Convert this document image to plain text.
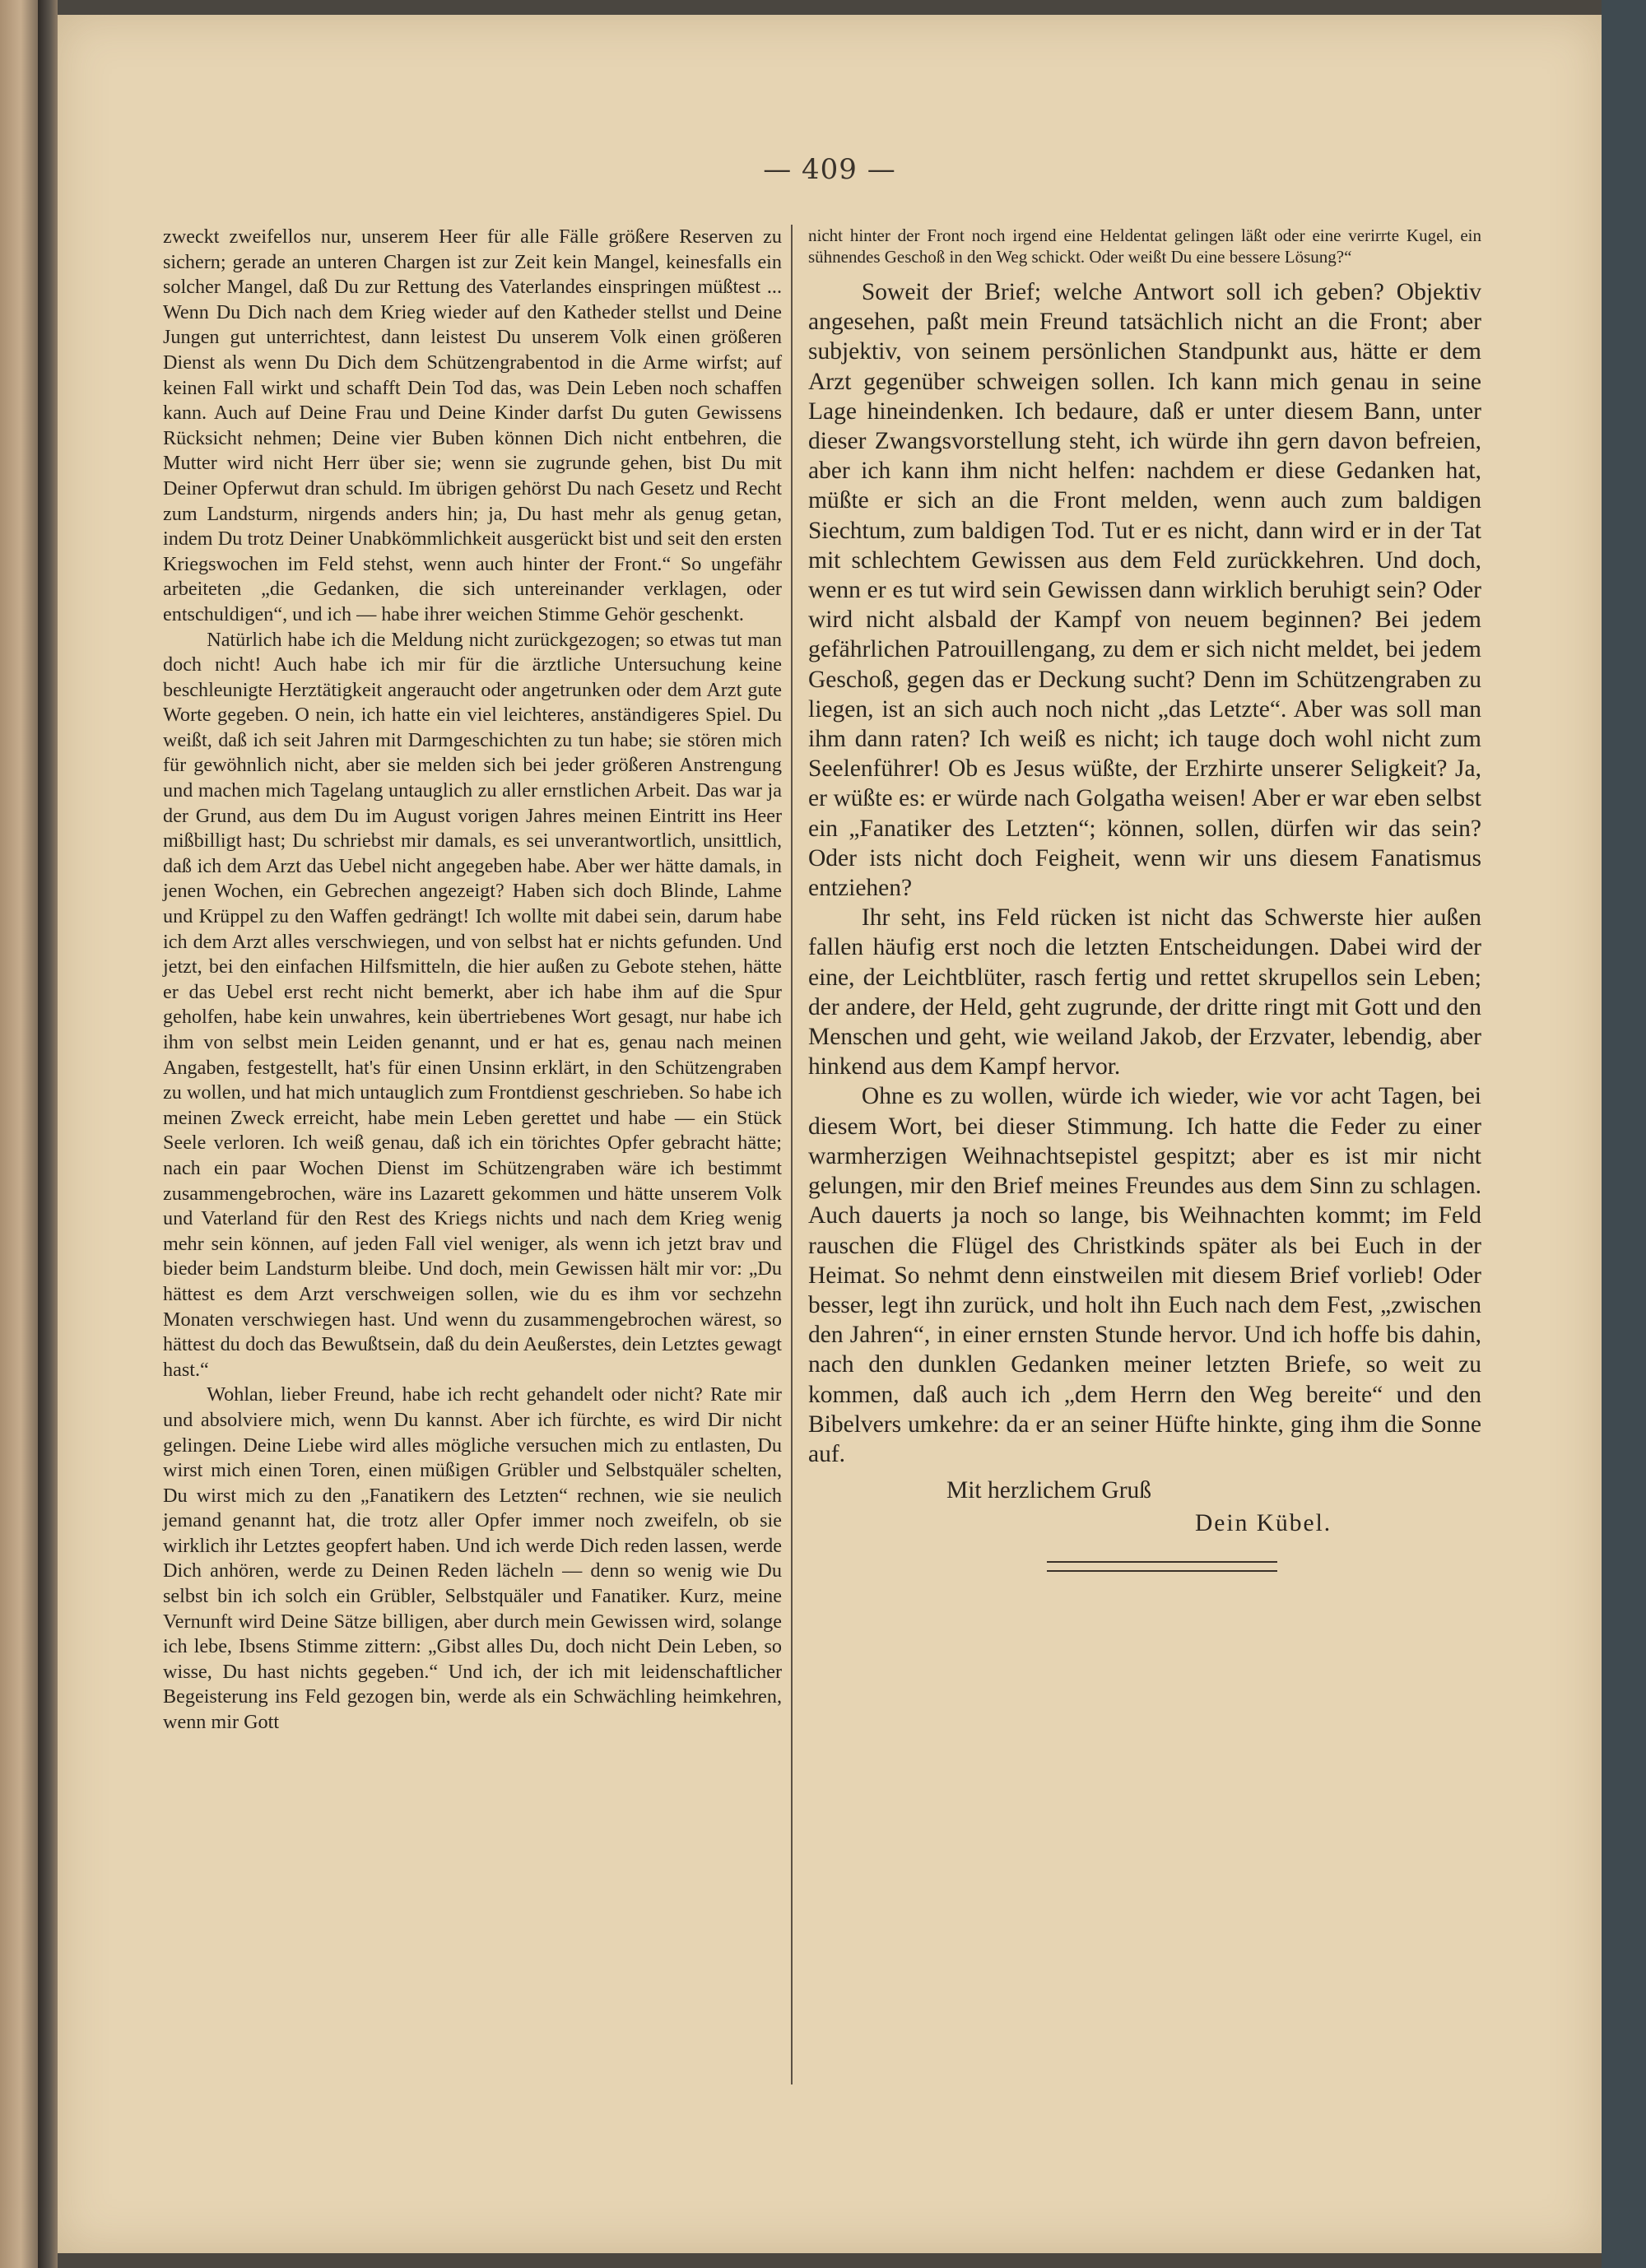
— 409 —

zweckt zweifellos nur, unserem Heer für alle Fälle größere Reserven zu sichern; gerade an unteren Chargen ist zur Zeit kein Mangel, keinesfalls ein solcher Mangel, daß Du zur Rettung des Vaterlandes einspringen müßtest ... Wenn Du Dich nach dem Krieg wieder auf den Katheder stellst und Deine Jungen gut unterrichtest, dann leistest Du unserem Volk einen größeren Dienst als wenn Du Dich dem Schützengrabentod in die Arme wirfst; auf keinen Fall wirkt und schafft Dein Tod das, was Dein Leben noch schaffen kann. Auch auf Deine Frau und Deine Kinder darfst Du guten Gewissens Rücksicht nehmen; Deine vier Buben können Dich nicht entbehren, die Mutter wird nicht Herr über sie; wenn sie zugrunde gehen, bist Du mit Deiner Opferwut dran schuld. Im übrigen gehörst Du nach Gesetz und Recht zum Landsturm, nirgends anders hin; ja, Du hast mehr als genug getan, indem Du trotz Deiner Unabkömmlichkeit ausgerückt bist und seit den ersten Kriegswochen im Feld stehst, wenn auch hinter der Front.“ So ungefähr arbeiteten „die Gedanken, die sich untereinander verklagen, oder entschuldigen“, und ich — habe ihrer weichen Stimme Gehör geschenkt.

Natürlich habe ich die Meldung nicht zurückgezogen; so etwas tut man doch nicht! Auch habe ich mir für die ärztliche Untersuchung keine beschleunigte Herztätigkeit angeraucht oder angetrunken oder dem Arzt gute Worte gegeben. O nein, ich hatte ein viel leichteres, anständigeres Spiel. Du weißt, daß ich seit Jahren mit Darmgeschichten zu tun habe; sie stören mich für gewöhnlich nicht, aber sie melden sich bei jeder größeren Anstrengung und machen mich Tagelang untauglich zu aller ernstlichen Arbeit. Das war ja der Grund, aus dem Du im August vorigen Jahres meinen Eintritt ins Heer mißbilligt hast; Du schriebst mir damals, es sei unverantwortlich, unsittlich, daß ich dem Arzt das Uebel nicht angegeben habe. Aber wer hätte damals, in jenen Wochen, ein Gebrechen angezeigt? Haben sich doch Blinde, Lahme und Krüppel zu den Waffen gedrängt! Ich wollte mit dabei sein, darum habe ich dem Arzt alles verschwiegen, und von selbst hat er nichts gefunden. Und jetzt, bei den einfachen Hilfsmitteln, die hier außen zu Gebote stehen, hätte er das Uebel erst recht nicht bemerkt, aber ich habe ihm auf die Spur geholfen, habe kein unwahres, kein übertriebenes Wort gesagt, nur habe ich ihm von selbst mein Leiden genannt, und er hat es, genau nach meinen Angaben, festgestellt, hat's für einen Unsinn erklärt, in den Schützengraben zu wollen, und hat mich untauglich zum Frontdienst geschrieben. So habe ich meinen Zweck erreicht, habe mein Leben gerettet und habe — ein Stück Seele verloren. Ich weiß genau, daß ich ein törichtes Opfer gebracht hätte; nach ein paar Wochen Dienst im Schützengraben wäre ich bestimmt zusammengebrochen, wäre ins Lazarett gekommen und hätte unserem Volk und Vaterland für den Rest des Kriegs nichts und nach dem Krieg wenig mehr sein können, auf jeden Fall viel weniger, als wenn ich jetzt brav und bieder beim Landsturm bleibe. Und doch, mein Gewissen hält mir vor: „Du hättest es dem Arzt verschweigen sollen, wie du es ihm vor sechzehn Monaten verschwiegen hast. Und wenn du zusammengebrochen wärest, so hättest du doch das Bewußtsein, daß du dein Aeußerstes, dein Letztes gewagt hast.“

Wohlan, lieber Freund, habe ich recht gehandelt oder nicht? Rate mir und absolviere mich, wenn Du kannst. Aber ich fürchte, es wird Dir nicht gelingen. Deine Liebe wird alles mögliche versuchen mich zu entlasten, Du wirst mich einen Toren, einen müßigen Grübler und Selbstquäler schelten, Du wirst mich zu den „Fanatikern des Letzten“ rechnen, wie sie neulich jemand genannt hat, die trotz aller Opfer immer noch zweifeln, ob sie wirklich ihr Letztes geopfert haben. Und ich werde Dich reden lassen, werde Dich anhören, werde zu Deinen Reden lächeln — denn so wenig wie Du selbst bin ich solch ein Grübler, Selbstquäler und Fanatiker. Kurz, meine Vernunft wird Deine Sätze billigen, aber durch mein Gewissen wird, solange ich lebe, Ibsens Stimme zittern: „Gibst alles Du, doch nicht Dein Leben, so wisse, Du hast nichts gegeben.“ Und ich, der ich mit leidenschaftlicher Begeisterung ins Feld gezogen bin, werde als ein Schwächling heimkehren, wenn mir Gott

nicht hinter der Front noch irgend eine Heldentat gelingen läßt oder eine verirrte Kugel, ein sühnendes Geschoß in den Weg schickt. Oder weißt Du eine bessere Lösung?“

Soweit der Brief; welche Antwort soll ich geben? Objektiv angesehen, paßt mein Freund tatsächlich nicht an die Front; aber subjektiv, von seinem persönlichen Standpunkt aus, hätte er dem Arzt gegenüber schweigen sollen. Ich kann mich genau in seine Lage hineindenken. Ich bedaure, daß er unter diesem Bann, unter dieser Zwangsvorstellung steht, ich würde ihn gern davon befreien, aber ich kann ihm nicht helfen: nachdem er diese Gedanken hat, müßte er sich an die Front melden, wenn auch zum baldigen Siechtum, zum baldigen Tod. Tut er es nicht, dann wird er in der Tat mit schlechtem Gewissen aus dem Feld zurückkehren. Und doch, wenn er es tut wird sein Gewissen dann wirklich beruhigt sein? Oder wird nicht alsbald der Kampf von neuem beginnen? Bei jedem gefährlichen Patrouillengang, zu dem er sich nicht meldet, bei jedem Geschoß, gegen das er Deckung sucht? Denn im Schützengraben zu liegen, ist an sich auch noch nicht „das Letzte“. Aber was soll man ihm dann raten? Ich weiß es nicht; ich tauge doch wohl nicht zum Seelenführer! Ob es Jesus wüßte, der Erzhirte unserer Seligkeit? Ja, er wüßte es: er würde nach Golgatha weisen! Aber er war eben selbst ein „Fanatiker des Letzten“; können, sollen, dürfen wir das sein? Oder ists nicht doch Feigheit, wenn wir uns diesem Fanatismus entziehen?

Ihr seht, ins Feld rücken ist nicht das Schwerste hier außen fallen häufig erst noch die letzten Entscheidungen. Dabei wird der eine, der Leichtblüter, rasch fertig und rettet skrupellos sein Leben; der andere, der Held, geht zugrunde, der dritte ringt mit Gott und den Menschen und geht, wie weiland Jakob, der Erzvater, lebendig, aber hinkend aus dem Kampf hervor.

Ohne es zu wollen, würde ich wieder, wie vor acht Tagen, bei diesem Wort, bei dieser Stimmung. Ich hatte die Feder zu einer warmherzigen Weihnachtsepistel gespitzt; aber es ist mir nicht gelungen, mir den Brief meines Freundes aus dem Sinn zu schlagen. Auch dauerts ja noch so lange, bis Weihnachten kommt; im Feld rauschen die Flügel des Christkinds später als bei Euch in der Heimat. So nehmt denn einstweilen mit diesem Brief vorlieb! Oder besser, legt ihn zurück, und holt ihn Euch nach dem Fest, „zwischen den Jahren“, in einer ernsten Stunde hervor. Und ich hoffe bis dahin, nach den dunklen Gedanken meiner letzten Briefe, so weit zu kommen, daß auch ich „dem Herrn den Weg bereite“ und den Bibelvers umkehre: da er an seiner Hüfte hinkte, ging ihm die Sonne auf.

Mit herzlichem Gruß
Dein Kübel.
